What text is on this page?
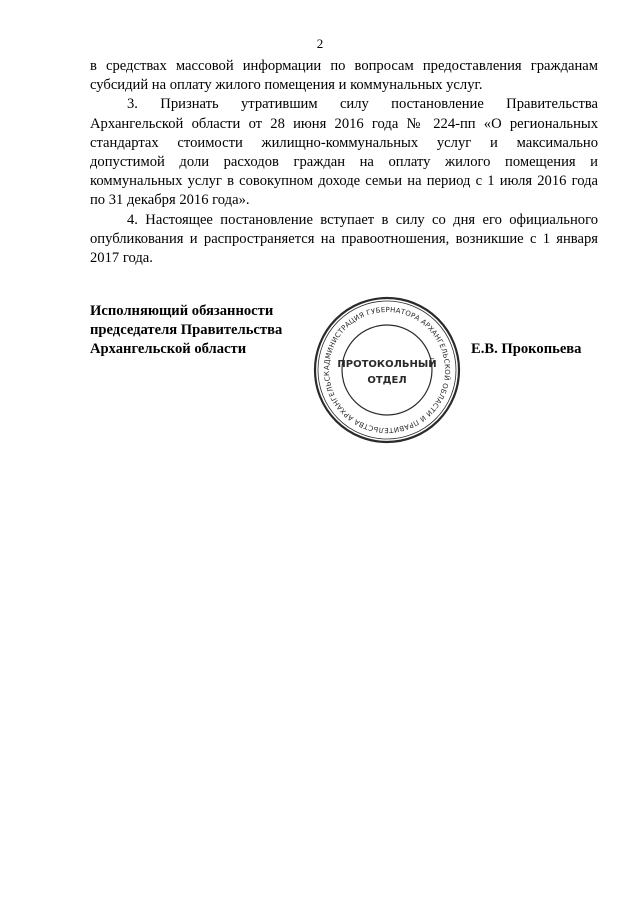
2

в средствах массовой информации по вопросам предоставления гражданам субсидий на оплату жилого помещения и коммунальных услуг.

3. Признать утратившим силу постановление Правительства Архангельской области от 28 июня 2016 года № 224-пп «О региональных стандартах стоимости жилищно-коммунальных услуг и максимально допустимой доли расходов граждан на оплату жилого помещения и коммунальных услуг в совокупном доходе семьи на период с 1 июля 2016 года по 31 декабря 2016 года».

4. Настоящее постановление вступает в силу со дня его официального опубликования и распространяется на правоотношения, возникшие с 1 января 2017 года.

Исполняющий обязанности
председателя Правительства
Архангельской области
АДМИНИСТРАЦИЯ ГУБЕРНАТОРА АРХАНГЕЛЬСКОЙ ОБЛАСТИ И ПРАВИТЕЛЬСТВА АРХАНГЕЛЬСК
ПРОТОКОЛЬНЫЙ
ОТДЕЛ
Е.В. Прокопьева
